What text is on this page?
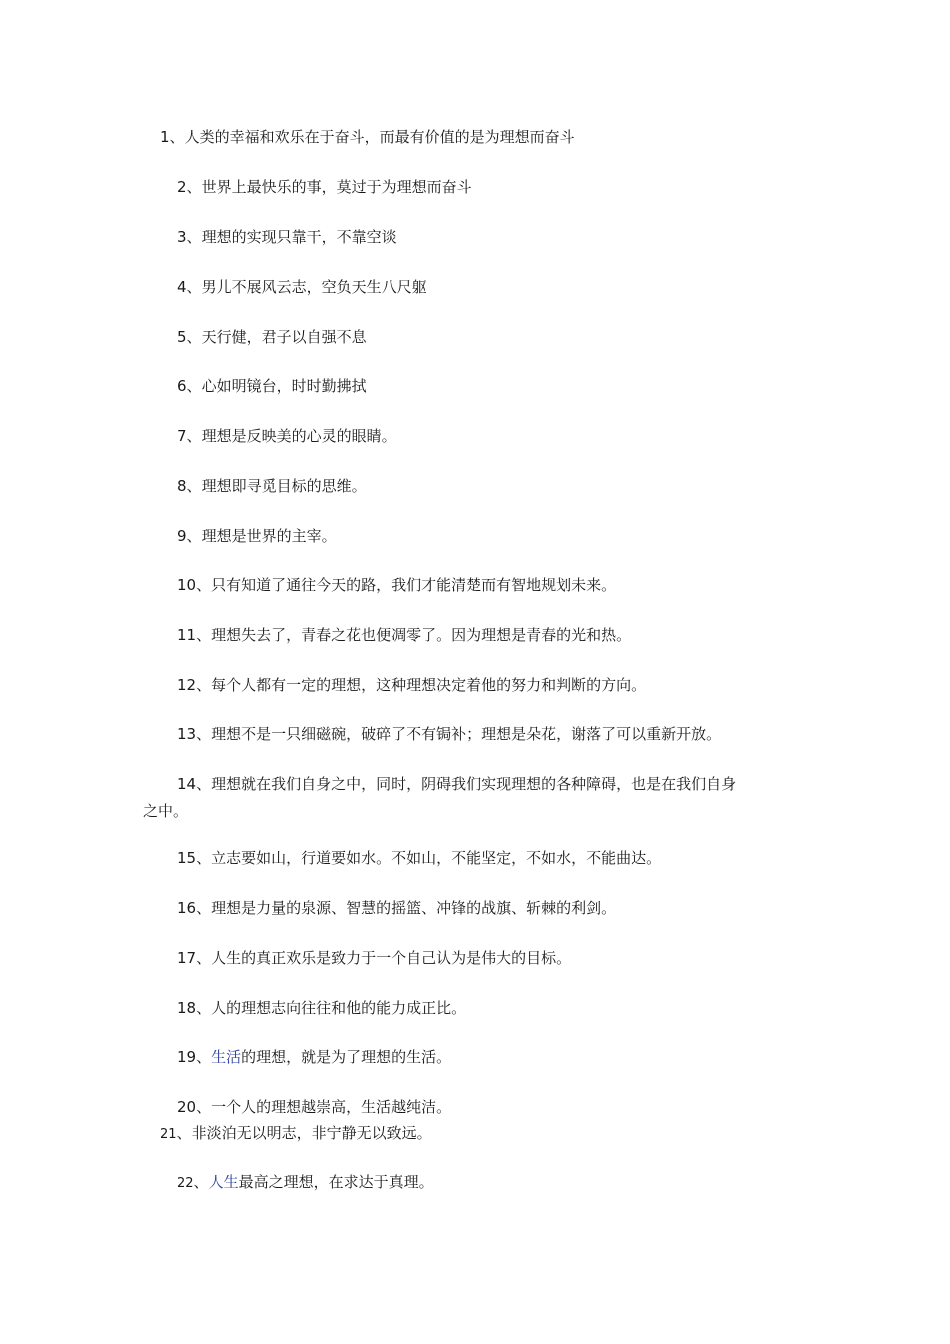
1、人类的幸福和欢乐在于奋斗，而最有价值的是为理想而奋斗
2、世界上最快乐的事，莫过于为理想而奋斗
3、理想的实现只靠干，不靠空谈
4、男儿不展风云志，空负天生八尺躯
5、天行健，君子以自强不息
6、心如明镜台，时时勤拂拭
7、理想是反映美的心灵的眼睛。
8、理想即寻觅目标的思维。
9、理想是世界的主宰。
10、只有知道了通往今天的路，我们才能清楚而有智地规划未来。
11、理想失去了，青春之花也便凋零了。因为理想是青春的光和热。
12、每个人都有一定的理想，这种理想决定着他的努力和判断的方向。
13、理想不是一只细磁碗，破碎了不有锔补；理想是朵花，谢落了可以重新开放。
14、理想就在我们自身之中，同时，阴碍我们实现理想的各种障碍，也是在我们自身
之中。
15、立志要如山，行道要如水。不如山，不能坚定，不如水，不能曲达。
16、理想是力量的泉源、智慧的摇篮、冲锋的战旗、斩棘的利剑。
17、人生的真正欢乐是致力于一个自己认为是伟大的目标。
18、人的理想志向往往和他的能力成正比。
19、生活的理想，就是为了理想的生活。
20、一个人的理想越崇高，生活越纯洁。
21、非淡泊无以明志，非宁静无以致远。
22、人生最高之理想，在求达于真理。
